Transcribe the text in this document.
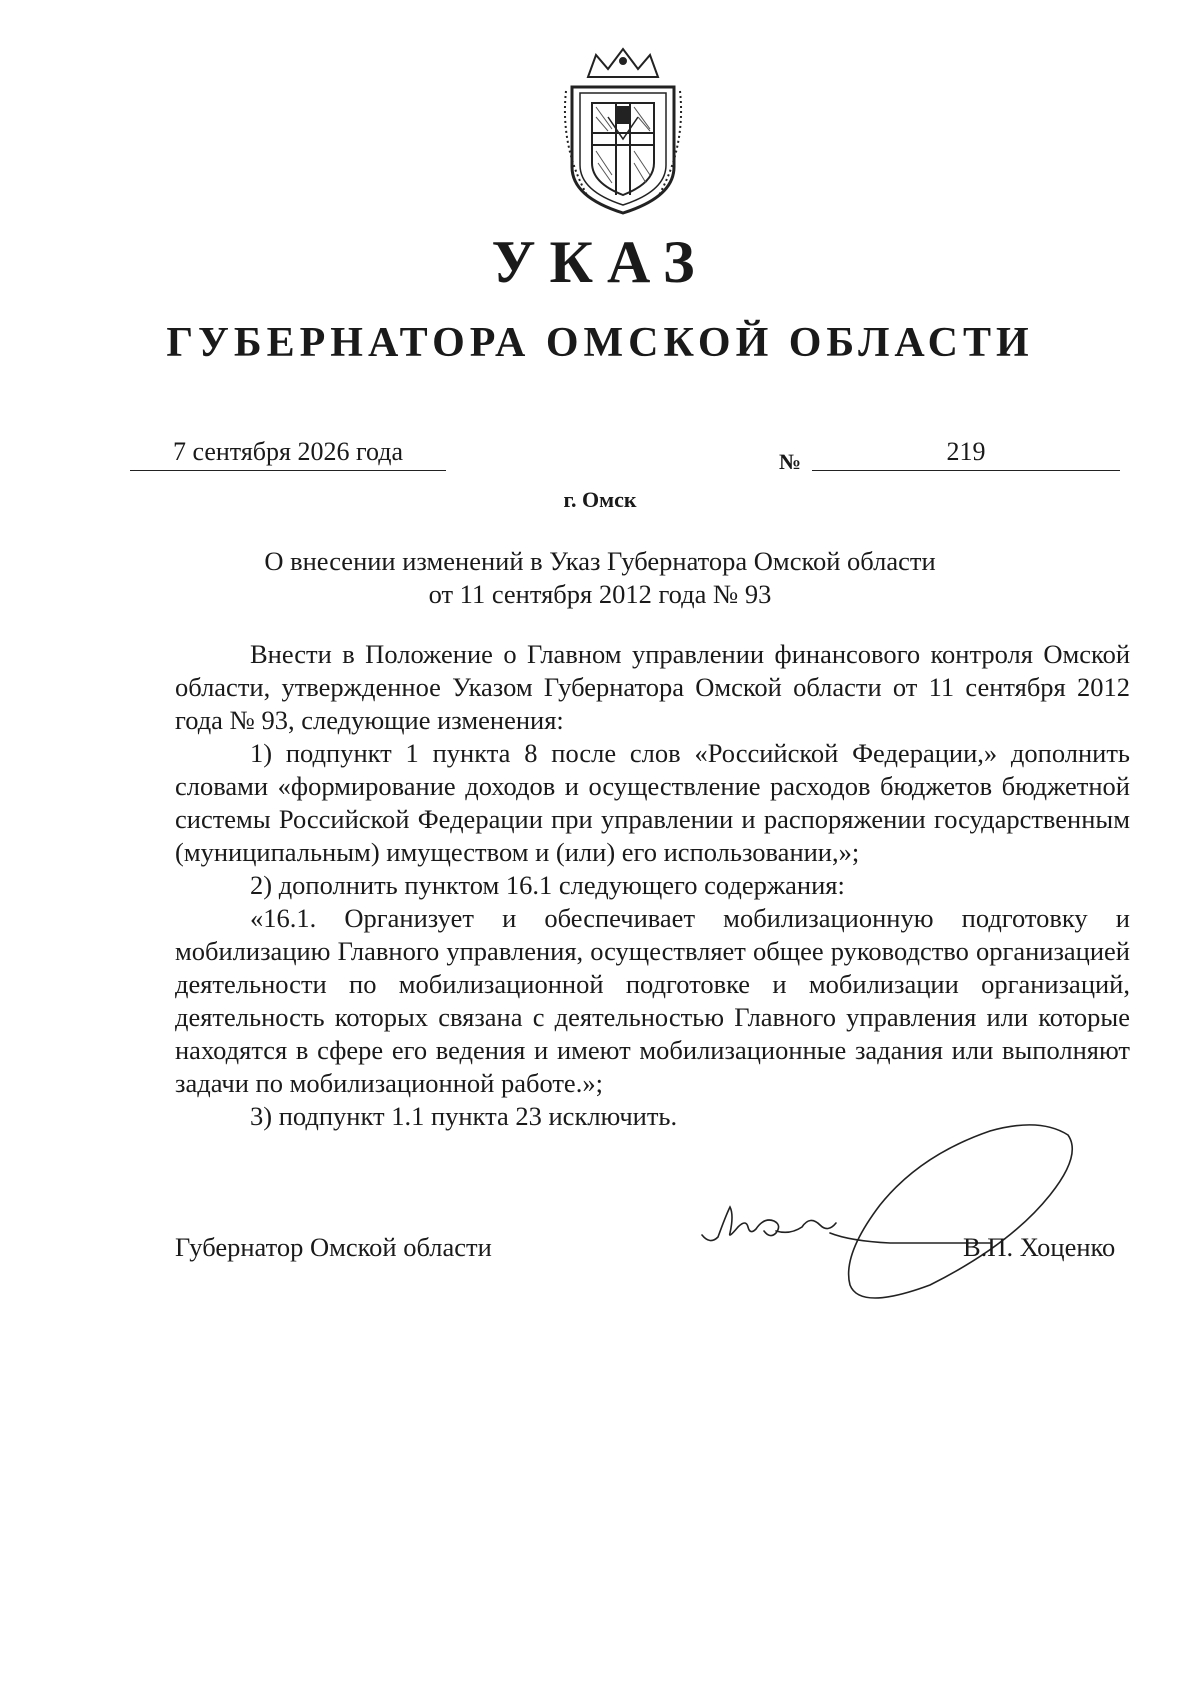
УКАЗ
ГУБЕРНАТОРА ОМСКОЙ ОБЛАСТИ
7 сентября 2026 года	№	219
г. Омск
О внесении изменений в Указ Губернатора Омской области
от 11 сентября 2012 года № 93
Внести в Положение о Главном управлении финансового контроля Омской области, утвержденное Указом Губернатора Омской области от 11 сентября 2012 года № 93, следующие изменения:
1) подпункт 1 пункта 8 после слов «Российской Федерации,» дополнить словами «формирование доходов и осуществление расходов бюджетов бюджетной системы Российской Федерации при управлении и распоряжении государственным (муниципальным) имуществом и (или) его использовании,»;
2) дополнить пунктом 16.1 следующего содержания:
«16.1. Организует и обеспечивает мобилизационную подготовку и мобилизацию Главного управления, осуществляет общее руководство организацией деятельности по мобилизационной подготовке и мобилизации организаций, деятельность которых связана с деятельностью Главного управления или которые находятся в сфере его ведения и имеют мобилизационные задания или выполняют задачи по мобилизационной работе.»;
3) подпункт 1.1 пункта 23 исключить.
Губернатор Омской области	В.П. Хоценко
